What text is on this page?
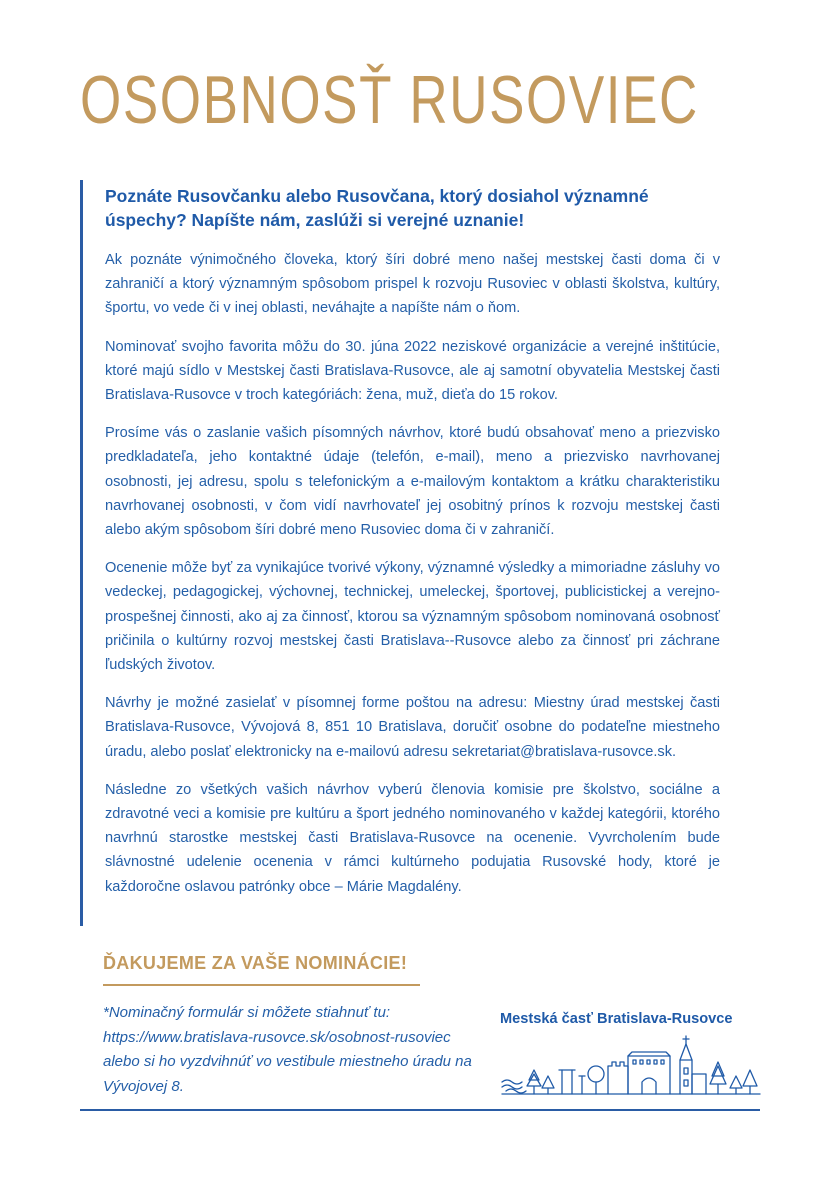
OSOBNOSŤ RUSOVIEC

Poznáte Rusovčanku alebo Rusovčana, ktorý dosiahol významné úspechy? Napíšte nám, zaslúži si verejné uznanie!

Ak poznáte výnimočného človeka, ktorý šíri dobré meno našej mestskej časti doma či v zahraničí a ktorý významným spôsobom prispel k rozvoju Rusoviec v oblasti školstva, kultúry, športu, vo vede či v inej oblasti, neváhajte a napíšte nám o ňom.

Nominovať svojho favorita môžu do 30. júna 2022 neziskové organizácie a verejné inštitúcie, ktoré majú sídlo v Mestskej časti Bratislava-Rusovce, ale aj samotní obyvatelia Mestskej časti Bratislava-Rusovce v troch kategóriách: žena, muž, dieťa do 15 rokov.

Prosíme vás o zaslanie vašich písomných návrhov, ktoré budú obsahovať meno a priezvisko predkladateľa, jeho kontaktné údaje (telefón, e-mail), meno a priezvisko navrhovanej osobnosti, jej adresu, spolu s telefonickým a e-mailovým kontaktom a krátku charakteristiku navrhovanej osobnosti, v čom vidí navrhovateľ jej osobitný prínos k rozvoju mestskej časti alebo akým spôsobom šíri dobré meno Rusoviec doma či v zahraničí.

Ocenenie môže byť za vynikajúce tvorivé výkony, významné výsledky a mimoriadne zásluhy vo vedeckej, pedagogickej, výchovnej, technickej, umeleckej, športovej, publicistickej a verejno-prospešnej činnosti, ako aj za činnosť, ktorou sa významným spôsobom nominovaná osobnosť pričinila o kultúrny rozvoj mestskej časti Bratislava--Rusovce alebo za činnosť pri záchrane ľudských životov.

Návrhy je možné zasielať v písomnej forme poštou na adresu: Miestny úrad mestskej časti Bratislava-Rusovce, Vývojová 8, 851 10 Bratislava, doručiť osobne do podateľne miestneho úradu, alebo poslať elektronicky na e-mailovú adresu sekretariat@bratislava-rusovce.sk.

Následne zo všetkých vašich návrhov vyberú členovia komisie pre školstvo, sociálne a zdravotné veci a komisie pre kultúru a šport jedného nominovaného v každej kategórii, ktorého navrhnú starostke mestskej časti Bratislava-Rusovce na ocenenie. Vyvrcholením bude slávnostné udelenie ocenenia v rámci kultúrneho podujatia Rusovské hody, ktoré je každoročne oslavou patrónky obce – Márie Magdalény.

ĎAKUJEME ZA VAŠE NOMINÁCIE!
*Nominačný formulár si môžete stiahnuť tu: https://www.bratislava-rusovce.sk/osobnost-rusoviec alebo si ho vyzdvihnúť vo vestibule miestneho úradu na Vývojovej 8.
Mestská časť Bratislava-Rusovce
